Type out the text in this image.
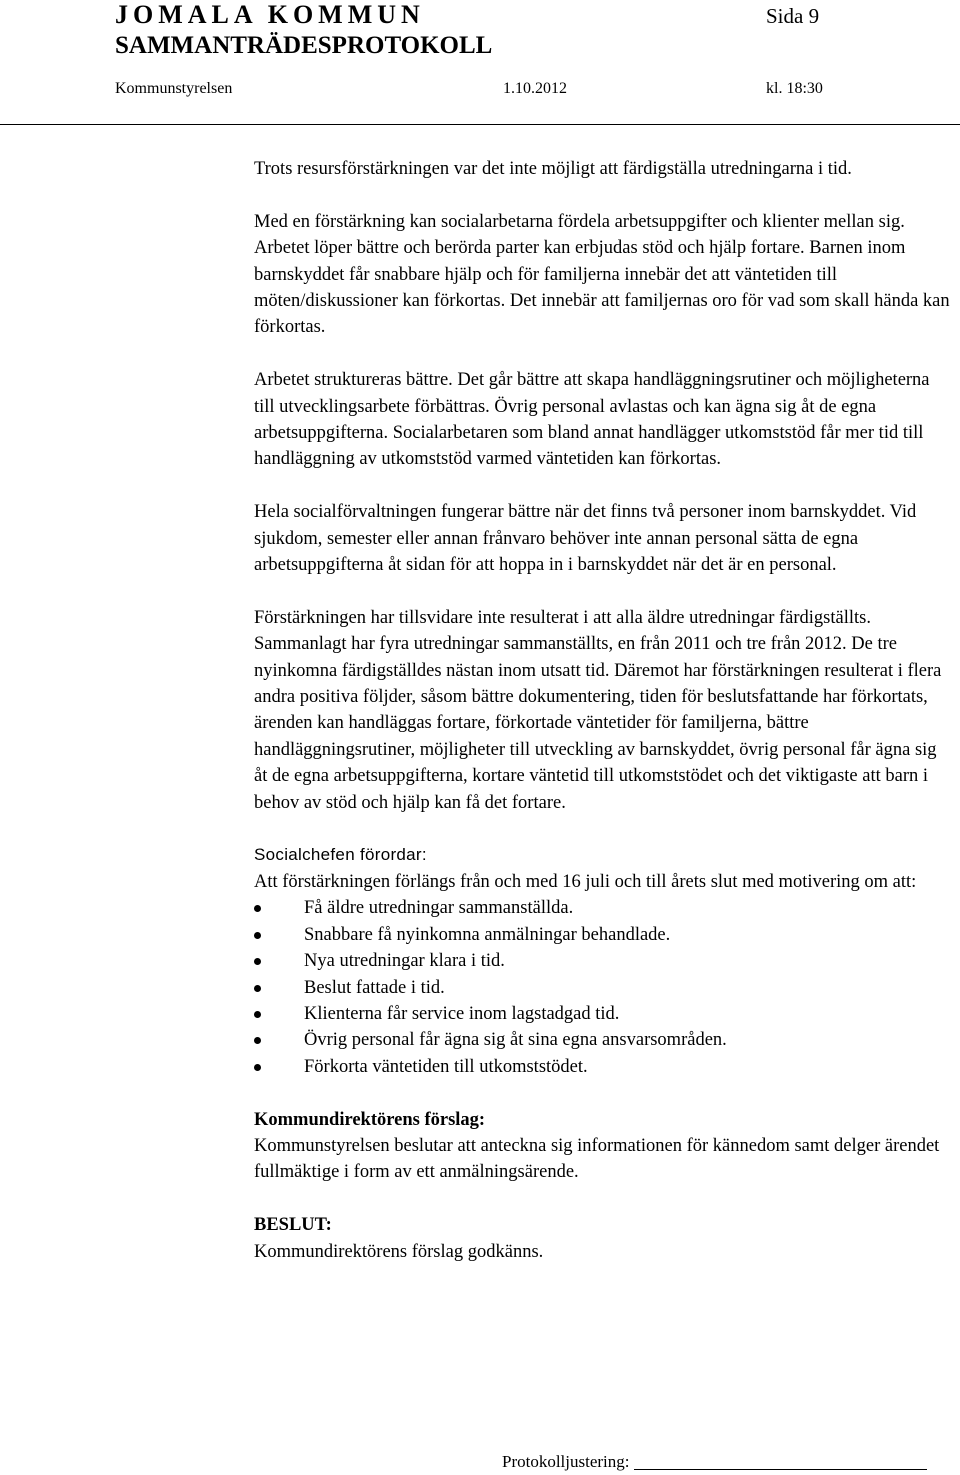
JOMALA KOMMUN	Sida 9
SAMMANTRÄDESPROTOKOLL
Kommunstyrelsen	1.10.2012	kl. 18:30

Trots resursförstärkningen var det inte möjligt att färdigställa utredningarna i tid.

Med en förstärkning kan socialarbetarna fördela arbetsuppgifter och klienter mellan sig. Arbetet löper bättre och berörda parter kan erbjudas stöd och hjälp fortare. Barnen inom barnskyddet får snabbare hjälp och för familjerna innebär det att väntetiden till möten/diskussioner kan förkortas. Det innebär att familjernas oro för vad som skall hända kan förkortas.

Arbetet struktureras bättre. Det går bättre att skapa handläggningsrutiner och möjligheterna till utvecklingsarbete förbättras. Övrig personal avlastas och kan ägna sig åt de egna arbetsuppgifterna. Socialarbetaren som bland annat handlägger utkomststöd får mer tid till handläggning av utkomststöd varmed väntetiden kan förkortas.

Hela socialförvaltningen fungerar bättre när det finns två personer inom barnskyddet. Vid sjukdom, semester eller annan frånvaro behöver inte annan personal sätta de egna arbetsuppgifterna åt sidan för att hoppa in i barnskyddet när det är en personal.

Förstärkningen har tillsvidare inte resulterat i att alla äldre utredningar färdigställts. Sammanlagt har fyra utredningar sammanställts, en från 2011 och tre från 2012. De tre nyinkomna färdigställdes nästan inom utsatt tid. Däremot har förstärkningen resulterat i flera andra positiva följder, såsom bättre dokumentering, tiden för beslutsfattande har förkortats, ärenden kan handläggas fortare, förkortade väntetider för familjerna, bättre handläggningsrutiner, möjligheter till utveckling av barnskyddet, övrig personal får ägna sig åt de egna arbetsuppgifterna, kortare väntetid till utkomststödet och det viktigaste att barn i behov av stöd och hjälp kan få det fortare.

Socialchefen förordar:
Att förstärkningen förlängs från och med 16 juli och till årets slut med motivering om att:
Få äldre utredningar sammanställda.
Snabbare få nyinkomna anmälningar behandlade.
Nya utredningar klara i tid.
Beslut fattade i tid.
Klienterna får service inom lagstadgad tid.
Övrig personal får ägna sig åt sina egna ansvarsområden.
Förkorta väntetiden till utkomststödet.
Kommundirektörens förslag:

Kommunstyrelsen beslutar att anteckna sig informationen för kännedom samt delger ärendet fullmäktige i form av ett anmälningsärende.

BESLUT:

Kommundirektörens förslag godkänns.

Protokolljustering:
